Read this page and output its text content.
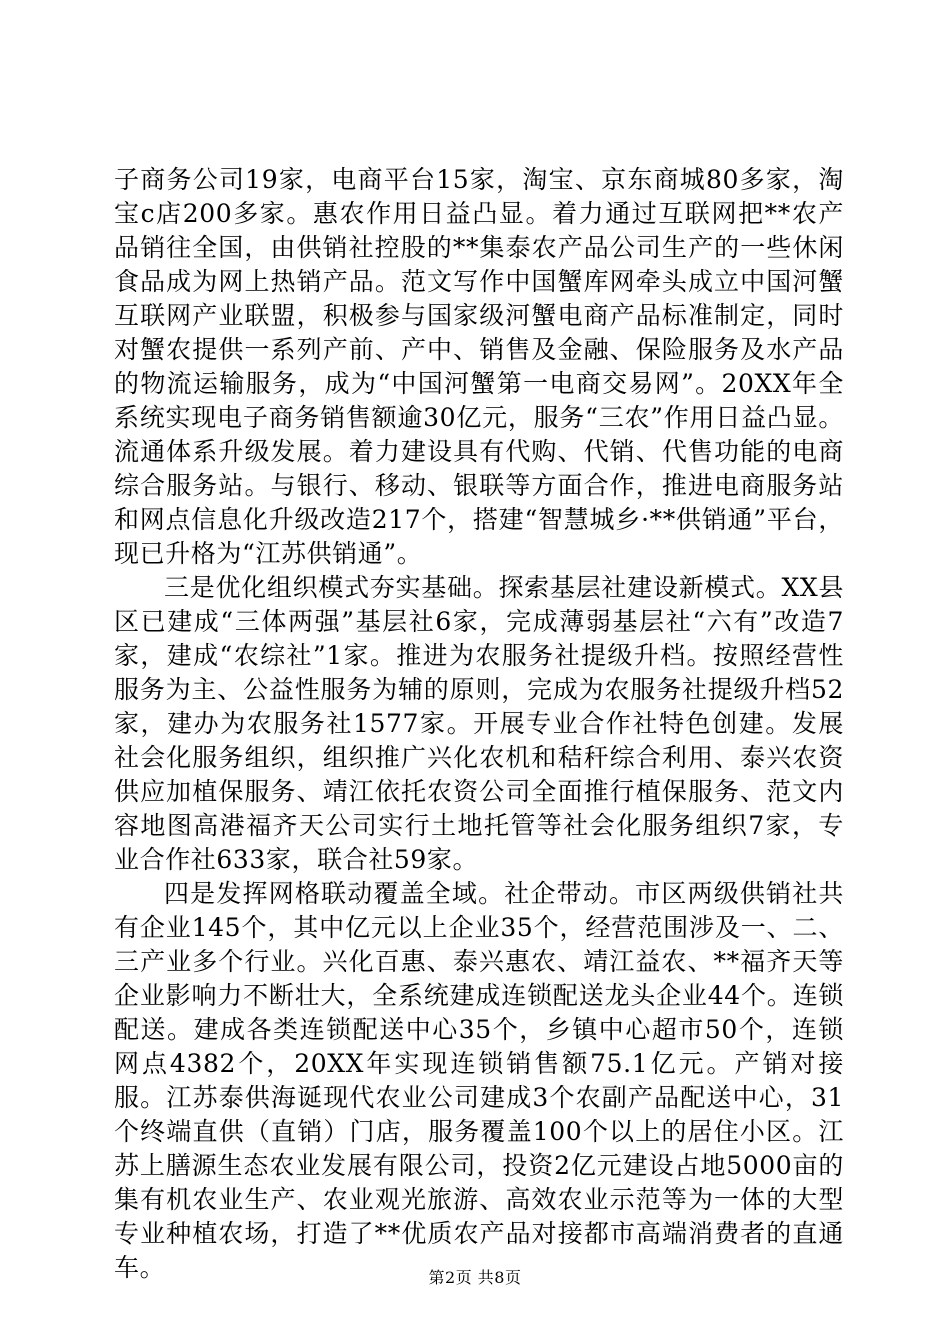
子商务公司19家，电商平台15家，淘宝、京东商城80多家，淘宝c店200多家。惠农作用日益凸显。着力通过互联网把**农产品销往全国，由供销社控股的**集泰农产品公司生产的一些休闲食品成为网上热销产品。范文写作中国蟹库网牵头成立中国河蟹互联网产业联盟，积极参与国家级河蟹电商产品标准制定，同时对蟹农提供一系列产前、产中、销售及金融、保险服务及水产品的物流运输服务，成为“中国河蟹第一电商交易网”。20XX年全系统实现电子商务销售额逾30亿元，服务“三农”作用日益凸显。流通体系升级发展。着力建设具有代购、代销、代售功能的电商综合服务站。与银行、移动、银联等方面合作，推进电商服务站和网点信息化升级改造217个，搭建“智慧城乡·**供销通”平台，现已升格为“江苏供销通”。

三是优化组织模式夯实基础。探索基层社建设新模式。XX县区已建成“三体两强”基层社6家，完成薄弱基层社“六有”改造7家，建成“农综社”1家。推进为农服务社提级升档。按照经营性服务为主、公益性服务为辅的原则，完成为农服务社提级升档52家，建办为农服务社1577家。开展专业合作社特色创建。发展社会化服务组织，组织推广兴化农机和秸秆综合利用、泰兴农资供应加植保服务、靖江依托农资公司全面推行植保服务、范文内容地图高港福齐天公司实行土地托管等社会化服务组织7家，专业合作社633家，联合社59家。

四是发挥网格联动覆盖全域。社企带动。市区两级供销社共有企业145个，其中亿元以上企业35个，经营范围涉及一、二、三产业多个行业。兴化百惠、泰兴惠农、靖江益农、**福齐天等企业影响力不断壮大，全系统建成连锁配送龙头企业44个。连锁配送。建成各类连锁配送中心35个，乡镇中心超市50个，连锁网点4382个，20XX年实现连锁销售额75.1亿元。产销对接服。江苏泰供海诞现代农业公司建成3个农副产品配送中心，31个终端直供（直销）门店，服务覆盖100个以上的居住小区。江苏上膳源生态农业发展有限公司，投资2亿元建设占地5000亩的集有机农业生产、农业观光旅游、高效农业示范等为一体的大型专业种植农场，打造了**优质农产品对接都市高端消费者的直通车。	第2页 共8页
